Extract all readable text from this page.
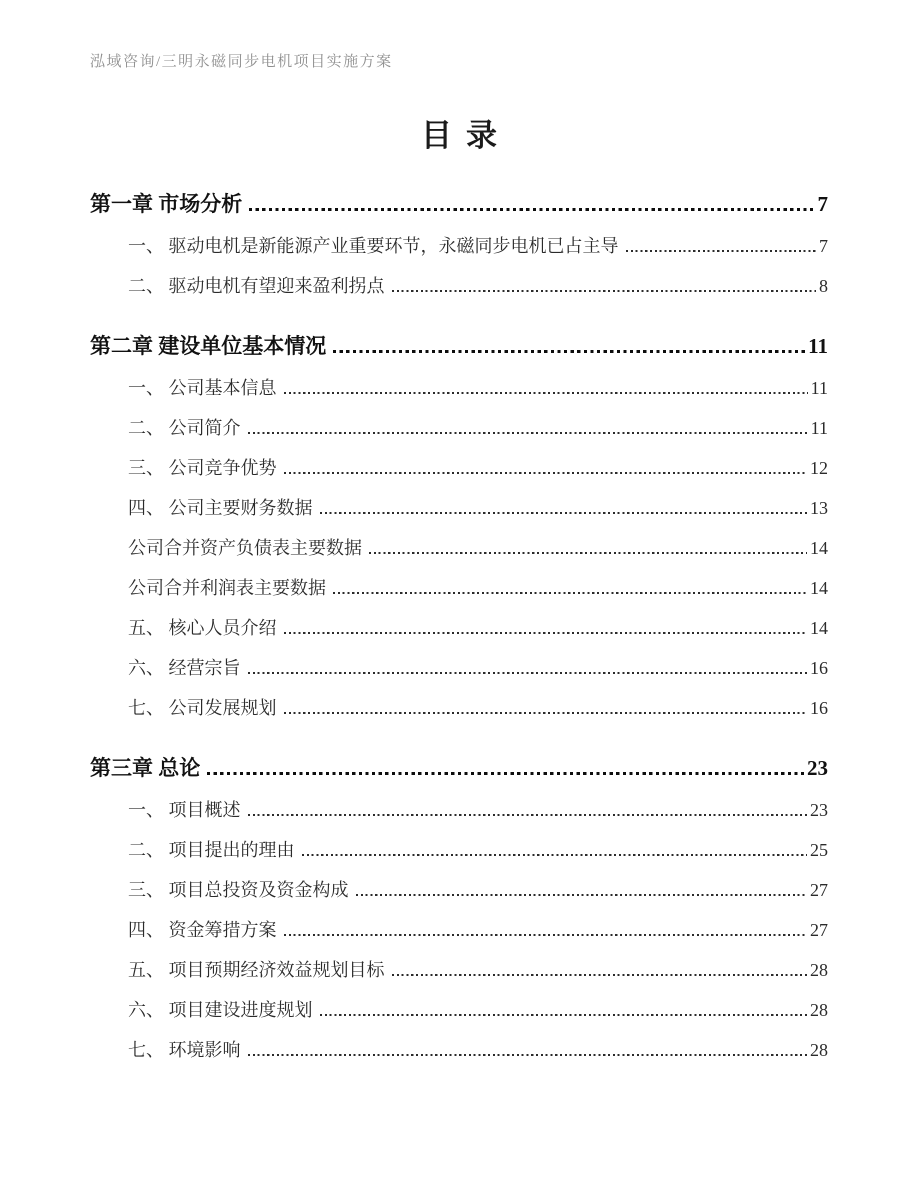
泓域咨询/三明永磁同步电机项目实施方案
目录
第一章 市场分析	7
一、 驱动电机是新能源产业重要环节，永磁同步电机已占主导	7
二、 驱动电机有望迎来盈利拐点	8
第二章 建设单位基本情况	11
一、 公司基本信息	11
二、 公司简介	11
三、 公司竞争优势	12
四、 公司主要财务数据	13
公司合并资产负债表主要数据	14
公司合并利润表主要数据	14
五、 核心人员介绍	14
六、 经营宗旨	16
七、 公司发展规划	16
第三章 总论	23
一、 项目概述	23
二、 项目提出的理由	25
三、 项目总投资及资金构成	27
四、 资金筹措方案	27
五、 项目预期经济效益规划目标	28
六、 项目建设进度规划	28
七、 环境影响	28
